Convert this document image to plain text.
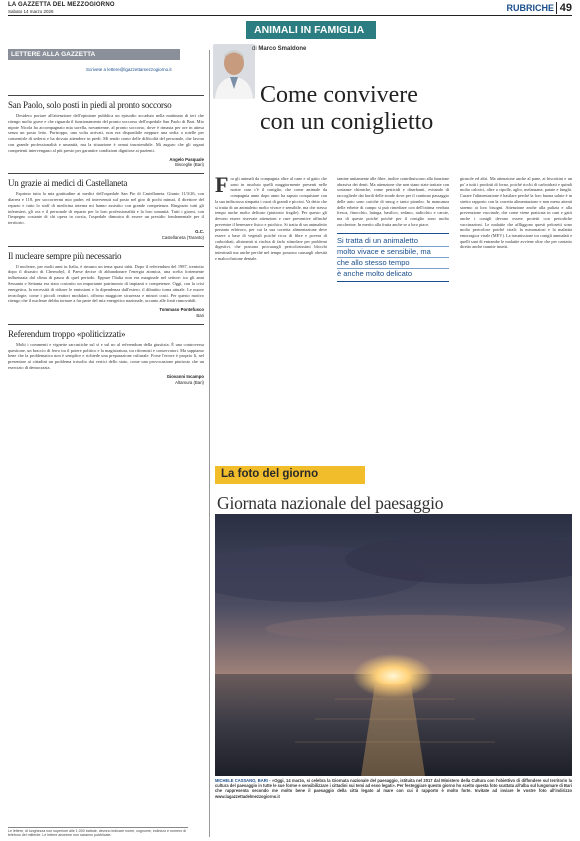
LA GAZZETTA DEL MEZZOGIORNO
Sabato 14 marzo 2026	RUBRICHE 49
LETTERE ALLA GAZZETTA
Scrivete a lettere@lgazzettamezzogiorno.it
San Paolo, solo posti in piedi al pronto soccorso

Desidero portare all'attenzione dell'opinione pubblica un episodio accaduto nella mattinata di ieri che ritengo molto grave e che riguarda il funzionamento del pronto soccorso dell'ospedale San Paolo di Bari. Mio nipote Nicola ha accompagnato mia sorella, novantenne, al pronto soccorso, dove è rimasta per ore in attesa senza un posto letto. Purtroppo, una volta arrivati, non era disponibile neppure una sedia a rotelle per consentirle di sedersi e ha dovuto attendere in piedi. Mi rendo conto delle difficoltà del personale, che lavora con grande professionalità e umanità, ma la situazione è ormai insostenibile. Mi auguro che gli organi competenti intervengano al più presto per garantire condizioni dignitose ai pazienti.

Angelo Pasquale
Bisceglie (Bari)
Un grazie ai medici di Castellaneta

Esprimo tutta la mia gratitudine ai medici dell'ospedale San Pio di Castellaneta. Giunto 11/3/26, con diarrea e 118, per soccorrermi mio padre, ed intervenuti sul posto nel giro di pochi minuti, il direttore del reparto e tutto lo staff di medicina interna mi hanno assistito con grande competenza. Ringrazio tutti gli infermieri, gli oss e il personale di reparto per la loro professionalità e la loro umanità. Tutti i giorni, con l'impegno costante di chi opera in corsia, l'ospedale dimostra di essere un presidio fondamentale per il territorio.

G.C.
Castellaneta (Taranto)
Il nucleare sempre più necessario

Il nucleare, per molti anni in Italia, è rimasto un tema quasi tabù. Dopo il referendum del 1987, trentotto dopo il disastro di Chernobyl, il Paese decise di abbandonare l'energia atomica, una scelta fortemente influenzata dal clima di paura di quel periodo. Eppure l'Italia non era marginale nel settore: tra gli anni Sessanta e Settanta era stato costruito un importante patrimonio di impianti e competenze. Oggi, con la crisi energetica, la necessità di ridurre le emissioni e la dipendenza dall'estero, il dibattito torna attuale. Le nuove tecnologie, come i piccoli reattori modulari, offrono maggiore sicurezza e minori costi. Per questo motivo ritengo che il nucleare debba tornare a far parte del mix energetico nazionale, accanto alle fonti rinnovabili.

Tommaso Pontefusco
Bari
Referendum troppo «politicizzati»

Molti i commenti e vignette sarcastiche sul sì e sul no al referendum della giustizia. È una controversa questione, un braccio di ferro tra il potere politico e la magistratura, tra riformisti e conservatori. Ma sappiamo bene che la problematica non è semplice e richiede una preparazione culturale. Forse l'errore è proprio lì, nel presentare ai cittadini un problema irrisolto dai vertici dello stato, come una provocazione piuttosto che un esercizio di democrazia.

Giovanni Incampo
Altamura (Bari)
Le lettere, di lunghezza non superiore alle 1.000 battute, devono indicare nome, cognome, indirizzo e numero di telefono del mittente. Le lettere anonime non saranno pubblicate.
ANIMALI IN FAMIGLIA
di Marco Smaldone
Come convivere
con un coniglietto
F ra gli animali da compagnia oltre al cane e al gatto che sono in assoluto quelli maggiormente presenti nelle nostre case c'è il coniglio, che come animale da compagnia anno dopo anno ha saputo conquistare con la sua indiscussa simpatia i cuori di grandi e piccini. Va detto che si tratta di un animaletto molto vivace e sensibile, ma che stesso tempo anche molto delicato (piuttosto fragile). Per questo gli devono essere riservate attenzioni e cure preventive affinché prevenire il benessere fisico e psichico. Si tratta di un animaletto pertanto erbivoro, per cui la sua corretta alimentazione deve essere a base di vegetali poiché ricca di fibre e povera di carboidrati, altrimenti si rischia di farlo stimolare per problemi digestivi, che possono procurargli pericolosissimi blocchi intestinali ma anche perché nel tempo possono causargli obesità e malocclusione dentale.
tamine unitamente alle fibre, inoltre contribuiscono alla funzione abrasiva dei denti. Ma attenzione che non siano state trattate con sostanze chimiche, come pesticidi e diserbanti, evitando di raccoglierle dai bordi delle strade dove per il continuo passaggio delle auto sono cariche di smog e tanto piombo. In mancanza delle erbette di campo si può rimediare con dell'ottima verdura fresca, finocchio, lattuga, basilico, sedano, radicchio e carote, ma di queste poiché poiché per il coniglio sono molto zuccherine. In merito alla frutta anche se a loro piace.
Si tratta di un animaletto
molto vivace e sensibile, ma
che allo stesso tempo
è anche molto delicato
girasole ed altri. Ma attenzione anche al pane, ai biscottini e un po' a tutti i prodotti di forno, poiché ricchi di carboidrati e quindi molto calorici, oltre a cipolle, aglio, melanzane, patate e funghi. Curare l'alimentazione è basilare perché la loro buona salute è in stretto rapporto con la corretta alimentazione e non meno attenti saremo ai loro bisogni. Attenzione anche alla pulizia e alla prevenzione vaccinale, che come viene praticata in cani e gatti anche i conigli devono essere protetti con periodiche vaccinazioni. Le malattie che affliggono questi pelosetti sono molto pericolose poiché virali: la mixomatosi e la malattia emorragica virale (MEV). La trasmissione tra conigli ammalati e quelli sani di entrambe le malattie avviene oltre che per contatto diretto anche tramite insetti.
La foto del giorno
Giornata nazionale del paesaggio
MICHELE CASSANO, BARI - «Oggi, 14 marzo, si celebra la Giornata nazionale del paesaggio, istituita nel 2017 dal Ministero della Cultura con l'obiettivo di diffondere sul territorio la cultura del paesaggio in tutte le sue forme e sensibilizzare i cittadini sui temi ad esso legati». Per festeggiare questo giorno ho scelto questa foto scattata all'alba sul lungomare di Bari che rappresenta secondo me molto bene il paesaggio della città legato al mare con cui il rapporto è molto forte. Invitate ad inviare le vostre foto all'indirizzo www.lagazzettadelmezzogiorno.it
